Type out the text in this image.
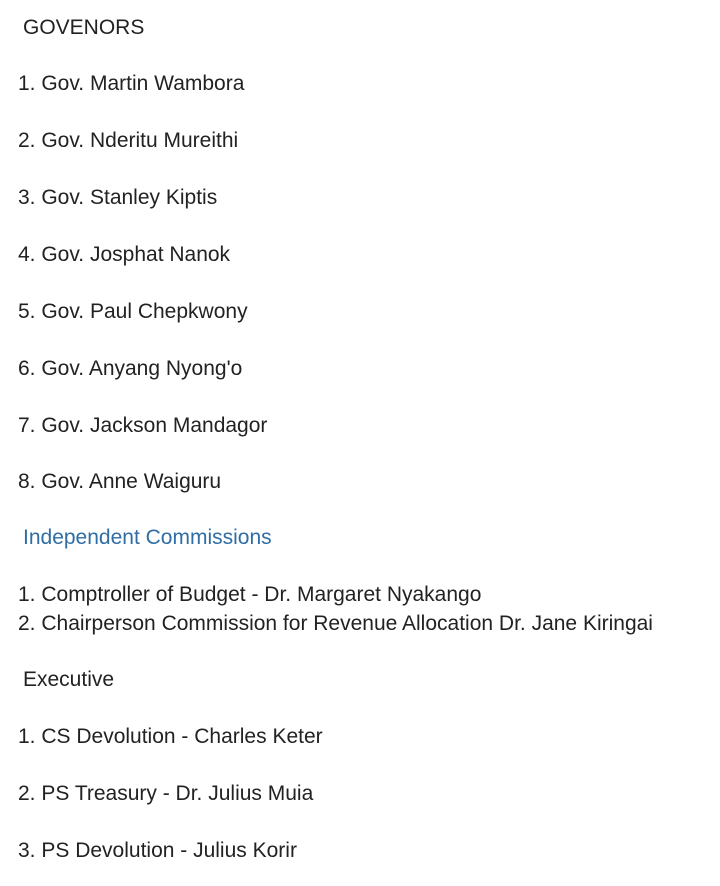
GOVENORS
1. Gov. Martin Wambora
2. Gov. Nderitu Mureithi
3. Gov. Stanley Kiptis
4. Gov. Josphat Nanok
5. Gov. Paul Chepkwony
6. Gov. Anyang Nyong'o
7. Gov. Jackson Mandagor
8. Gov. Anne Waiguru
Independent Commissions
1. Comptroller of Budget - Dr. Margaret Nyakango
2. Chairperson Commission for Revenue Allocation Dr. Jane Kiringai
Executive
1. CS Devolution - Charles Keter
2. PS Treasury - Dr. Julius Muia
3. PS Devolution - Julius Korir
